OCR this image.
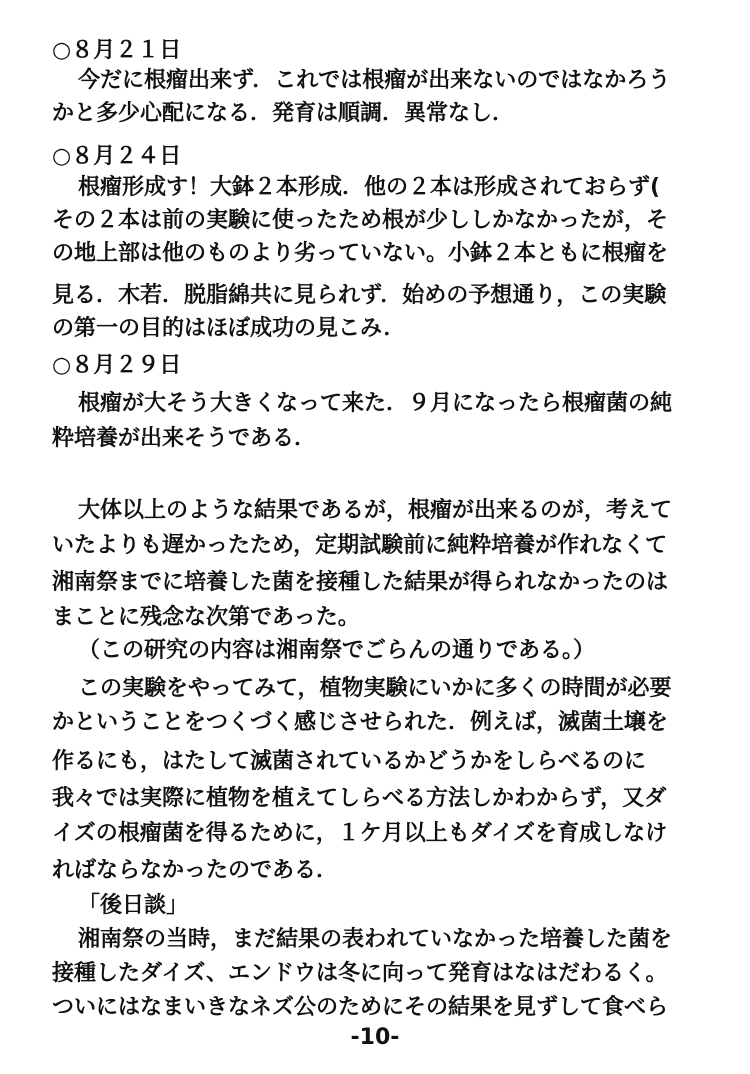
○８月２１日
今だに根瘤出来ず．これでは根瘤が出来ないのではなかろう
かと多少心配になる．発育は順調．異常なし．
○８月２４日
根瘤形成す！大鉢２本形成．他の２本は形成されておらず(
その２本は前の実験に使ったため根が少ししかなかったが，そ
の地上部は他のものより劣っていない。小鉢２本ともに根瘤を
見る．木若．脱脂綿共に見られず．始めの予想通り，この実験
の第一の目的はほぼ成功の見こみ．
○８月２９日
根瘤が大そう大きくなって来た．９月になったら根瘤菌の純
粋培養が出来そうである．
大体以上のような結果であるが，根瘤が出来るのが，考えて
いたよりも遅かったため，定期試験前に純粋培養が作れなくて
湘南祭までに培養した菌を接種した結果が得られなかったのは
まことに残念な次第であった。
（この研究の内容は湘南祭でごらんの通りである。）
この実験をやってみて，植物実験にいかに多くの時間が必要
かということをつくづく感じさせられた．例えば，滅菌土壌を
作るにも，はたして滅菌されているかどうかをしらべるのに
我々では実際に植物を植えてしらべる方法しかわからず，又ダ
イズの根瘤菌を得るために，１ケ月以上もダイズを育成しなけ
ればならなかったのである．
「後日談」
湘南祭の当時，まだ結果の表われていなかった培養した菌を
接種したダイズ、エンドウは冬に向って発育はなはだわるく。
ついにはなまいきなネズ公のためにその結果を見ずして食べら
-10-
